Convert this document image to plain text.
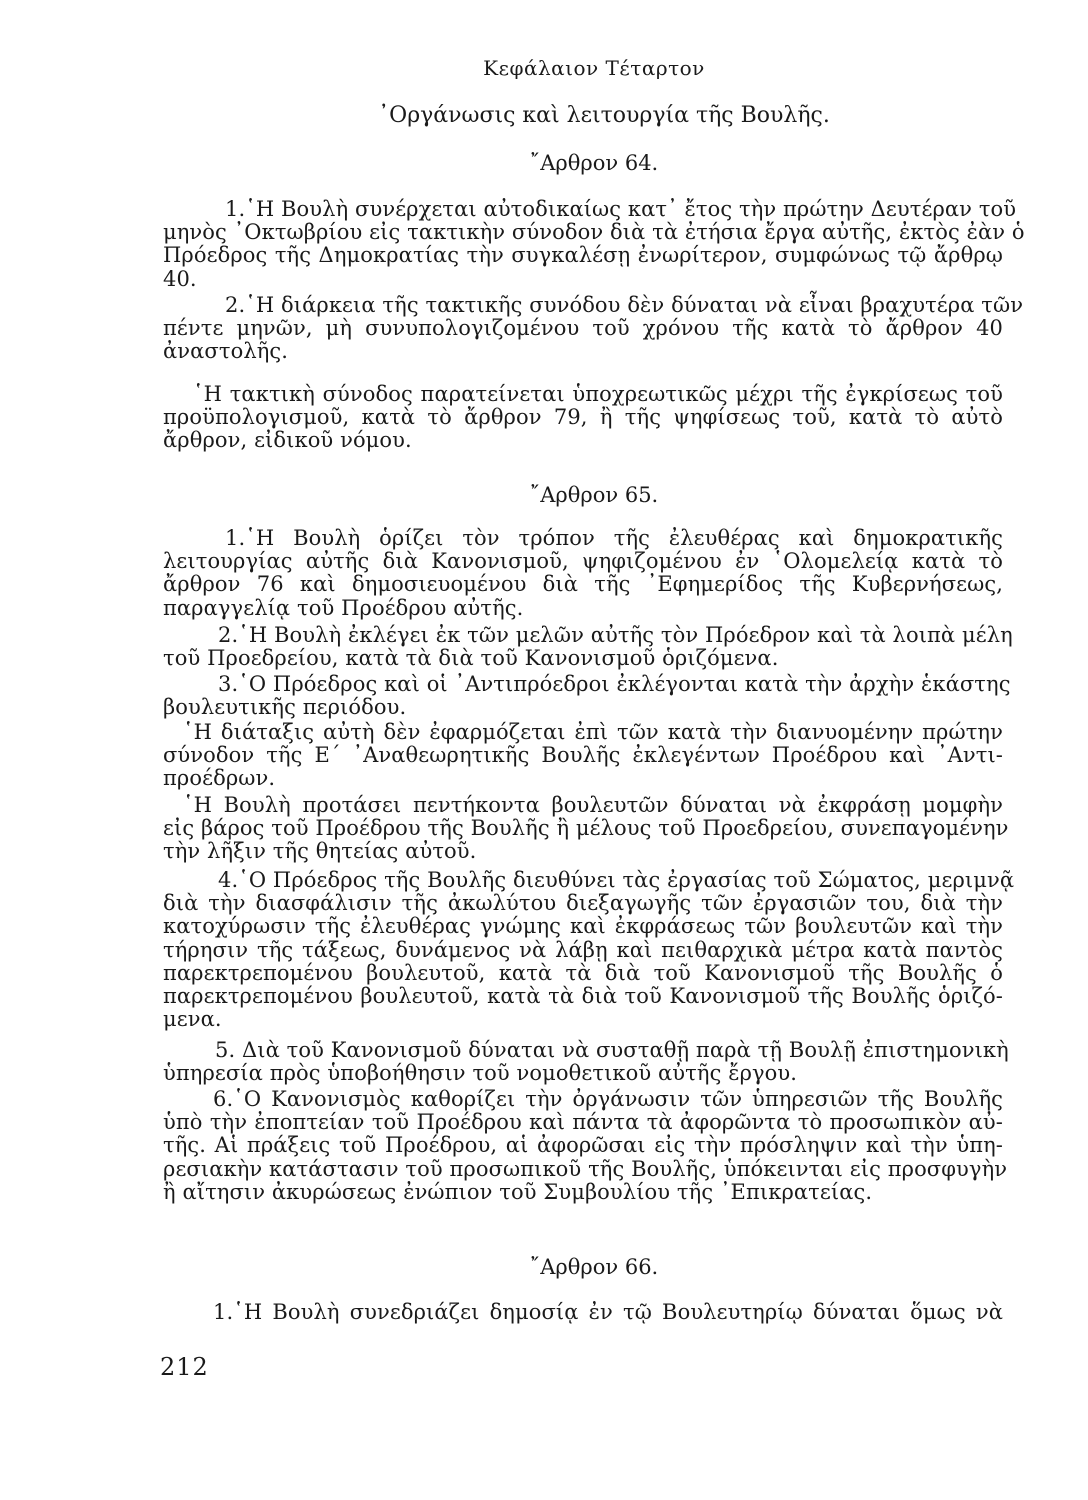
Κεφάλαιον Τέταρτον
᾽Οργάνωσις καὶ λειτουργία τῆς Βουλῆς.
῎Αρθρον 64.
1.῾Η Βουλὴ συνέρχεται αὐτοδικαίως κατ᾽ ἔτος τὴν πρώτην Δευτέραν τοῦ
μηνὸς ᾽Οκτωβρίου εἰς τακτικὴν σύνοδον διὰ τὰ ἐτήσια ἔργα αὐτῆς, ἐκτὸς ἐὰν ὁ
Πρόεδρος τῆς Δημοκρατίας τὴν συγκαλέσῃ ἐνωρίτερον, συμφώνως τῷ ἄρθρῳ
40.
2.῾Η διάρκεια τῆς τακτικῆς συνόδου δὲν δύναται νὰ εἶναι βραχυτέρα τῶν
πέντε μηνῶν, μὴ συνυπολογιζομένου τοῦ χρόνου τῆς κατὰ τὸ ἄρθρον 40
ἀναστολῆς.
῾Η τακτικὴ σύνοδος παρατείνεται ὑποχρεωτικῶς μέχρι τῆς ἐγκρίσεως τοῦ
προϋπολογισμοῦ, κατὰ τὸ ἄρθρον 79, ἢ τῆς ψηφίσεως τοῦ, κατὰ τὸ αὐτὸ
ἄρθρον, εἰδικοῦ νόμου.
῎Αρθρον 65.
1.῾Η Βουλὴ ὁρίζει τὸν τρόπον τῆς ἐλευθέρας καὶ δημοκρατικῆς
λειτουργίας αὐτῆς διὰ Κανονισμοῦ, ψηφιζομένου ἐν ῾Ολομελείᾳ κατὰ τὸ
ἄρθρον 76 καὶ δημοσιευομένου διὰ τῆς ᾽Εφημερίδος τῆς Κυβερνήσεως,
παραγγελίᾳ τοῦ Προέδρου αὐτῆς.
2.῾Η Βουλὴ ἐκλέγει ἐκ τῶν μελῶν αὐτῆς τὸν Πρόεδρον καὶ τὰ λοιπὰ μέλη
τοῦ Προεδρείου, κατὰ τὰ διὰ τοῦ Κανονισμοῦ ὁριζόμενα.
3.῾Ο Πρόεδρος καὶ οἱ ᾽Αντιπρόεδροι ἐκλέγονται κατὰ τὴν ἀρχὴν ἑκάστης
βουλευτικῆς περιόδου.
῾Η διάταξις αὐτὴ δὲν ἐφαρμόζεται ἐπὶ τῶν κατὰ τὴν διανυομένην πρώτην
σύνοδον τῆς Ε΄ ᾽Αναθεωρητικῆς Βουλῆς ἐκλεγέντων Προέδρου καὶ ᾽Αντι-
προέδρων.
῾Η Βουλὴ προτάσει πεντήκοντα βουλευτῶν δύναται νὰ ἐκφράσῃ μομφὴν
εἰς βάρος τοῦ Προέδρου τῆς Βουλῆς ἢ μέλους τοῦ Προεδρείου, συνεπαγομένην
τὴν λῆξιν τῆς θητείας αὐτοῦ.
4.῾Ο Πρόεδρος τῆς Βουλῆς διευθύνει τὰς ἐργασίας τοῦ Σώματος, μεριμνᾷ
διὰ τὴν διασφάλισιν τῆς ἀκωλύτου διεξαγωγῆς τῶν ἐργασιῶν του, διὰ τὴν
κατοχύρωσιν τῆς ἐλευθέρας γνώμης καὶ ἐκφράσεως τῶν βουλευτῶν καὶ τὴν
τήρησιν τῆς τάξεως, δυνάμενος νὰ λάβῃ καὶ πειθαρχικὰ μέτρα κατὰ παντὸς
παρεκτρεπομένου βουλευτοῦ, κατὰ τὰ διὰ τοῦ Κανονισμοῦ τῆς Βουλῆς ὁ
παρεκτρεπομένου βουλευτοῦ, κατὰ τὰ διὰ τοῦ Κανονισμοῦ τῆς Βουλῆς ὁριζό-
μενα.
5. Διὰ τοῦ Κανονισμοῦ δύναται νὰ συσταθῇ παρὰ τῇ Βουλῇ ἐπιστημονικὴ
ὑπηρεσία πρὸς ὑποβοήθησιν τοῦ νομοθετικοῦ αὐτῆς ἔργου.
6.῾Ο Κανονισμὸς καθορίζει τὴν ὀργάνωσιν τῶν ὑπηρεσιῶν τῆς Βουλῆς
ὑπὸ τὴν ἐποπτείαν τοῦ Προέδρου καὶ πάντα τὰ ἀφορῶντα τὸ προσωπικὸν αὐ-
τῆς. Αἱ πράξεις τοῦ Προέδρου, αἱ ἀφορῶσαι εἰς τὴν πρόσληψιν καὶ τὴν ὑπη-
ρεσιακὴν κατάστασιν τοῦ προσωπικοῦ τῆς Βουλῆς, ὑπόκεινται εἰς προσφυγὴν
ἢ αἴτησιν ἀκυρώσεως ἐνώπιον τοῦ Συμβουλίου τῆς ᾽Επικρατείας.
῎Αρθρον 66.
1.῾Η Βουλὴ συνεδριάζει δημοσίᾳ ἐν τῷ Βουλευτηρίῳ δύναται ὅμως νὰ
212
